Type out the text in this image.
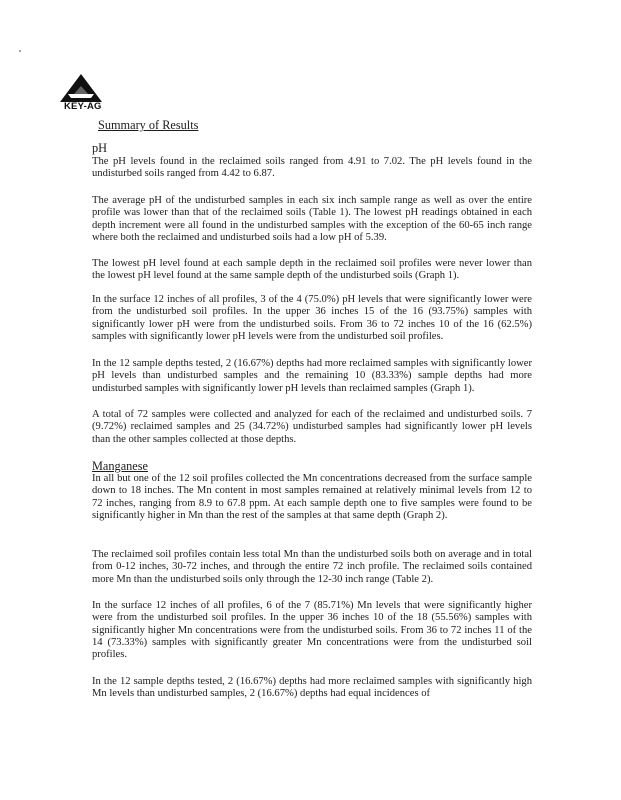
KEY-AG
Summary of Results
pH

The pH levels found in the reclaimed soils ranged from 4.91 to 7.02. The pH levels found in the undisturbed soils ranged from 4.42 to 6.87.

The average pH of the undisturbed samples in each six inch sample range as well as over the entire profile was lower than that of the reclaimed soils (Table 1). The lowest pH readings obtained in each depth increment were all found in the undisturbed samples with the exception of the 60-65 inch range where both the reclaimed and undisturbed soils had a low pH of 5.39.

The lowest pH level found at each sample depth in the reclaimed soil profiles were never lower than the lowest pH level found at the same sample depth of the undisturbed soils (Graph 1).

In the surface 12 inches of all profiles, 3 of the 4 (75.0%) pH levels that were significantly lower were from the undisturbed soil profiles. In the upper 36 inches 15 of the 16 (93.75%) samples with significantly lower pH were from the undisturbed soils. From 36 to 72 inches 10 of the 16 (62.5%) samples with significantly lower pH levels were from the undisturbed soil profiles.

In the 12 sample depths tested, 2 (16.67%) depths had more reclaimed samples with significantly lower pH levels than undisturbed samples and the remaining 10 (83.33%) sample depths had more undisturbed samples with significantly lower pH levels than reclaimed samples (Graph 1).

A total of 72 samples were collected and analyzed for each of the reclaimed and undisturbed soils. 7 (9.72%) reclaimed samples and 25 (34.72%) undisturbed samples had significantly lower pH levels than the other samples collected at those depths.

Manganese

In all but one of the 12 soil profiles collected the Mn concentrations decreased from the surface sample down to 18 inches. The Mn content in most samples remained at relatively minimal levels from 12 to 72 inches, ranging from 8.9 to 67.8 ppm. At each sample depth one to five samples were found to be significantly higher in Mn than the rest of the samples at that same depth (Graph 2).

The reclaimed soil profiles contain less total Mn than the undisturbed soils both on average and in total from 0-12 inches, 30-72 inches, and through the entire 72 inch profile. The reclaimed soils contained more Mn than the undisturbed soils only through the 12-30 inch range (Table 2).

In the surface 12 inches of all profiles, 6 of the 7 (85.71%) Mn levels that were significantly higher were from the undisturbed soil profiles. In the upper 36 inches 10 of the 18 (55.56%) samples with significantly higher Mn concentrations were from the undisturbed soils. From 36 to 72 inches 11 of the 14 (73.33%) samples with significantly greater Mn concentrations were from the undisturbed soil profiles.

In the 12 sample depths tested, 2 (16.67%) depths had more reclaimed samples with significantly high Mn levels than undisturbed samples, 2 (16.67%) depths had equal incidences of
